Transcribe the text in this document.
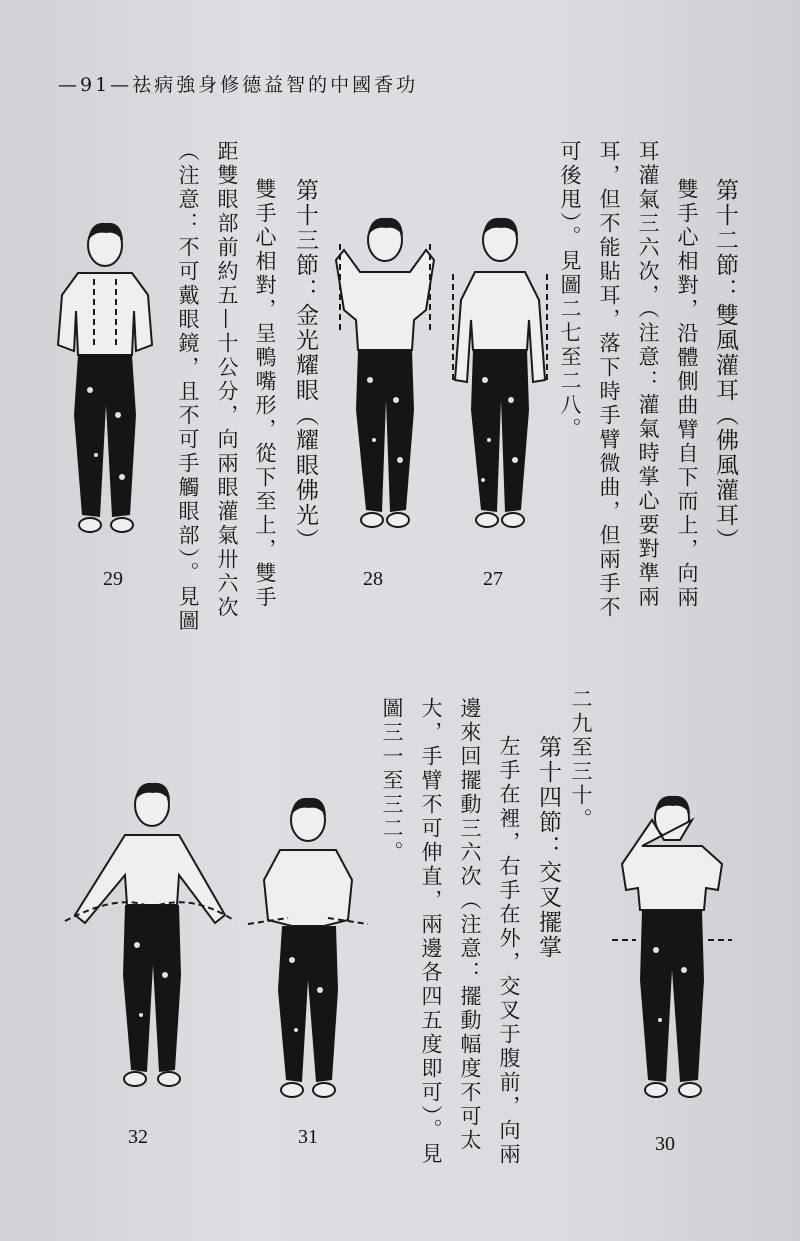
—91—祛病強身修德益智的中國香功
第十二節：雙風灌耳（佛風灌耳）
雙手心相對，沿體側曲臂自下而上，向兩
耳灌氣三六次，（注意：灌氣時掌心要對準兩
耳，但不能貼耳，落下時手臂微曲，但兩手不
可後甩）。見圖二七至二八。
第十三節：金光耀眼（耀眼佛光）
雙手心相對，呈鴨嘴形，從下至上，雙手
距雙眼部前約五—十公分，向兩眼灌氣卅六次
（注意：不可戴眼鏡，且不可手觸眼部）。見圖
二九至三十。
第十四節：交叉擺掌
左手在裡，右手在外，交叉于腹前，向兩
邊來回擺動三六次（注意：擺動幅度不可太
大，手臂不可伸直，兩邊各四五度即可）。見
圖三一至三二。
27
28
29
30
31
32
